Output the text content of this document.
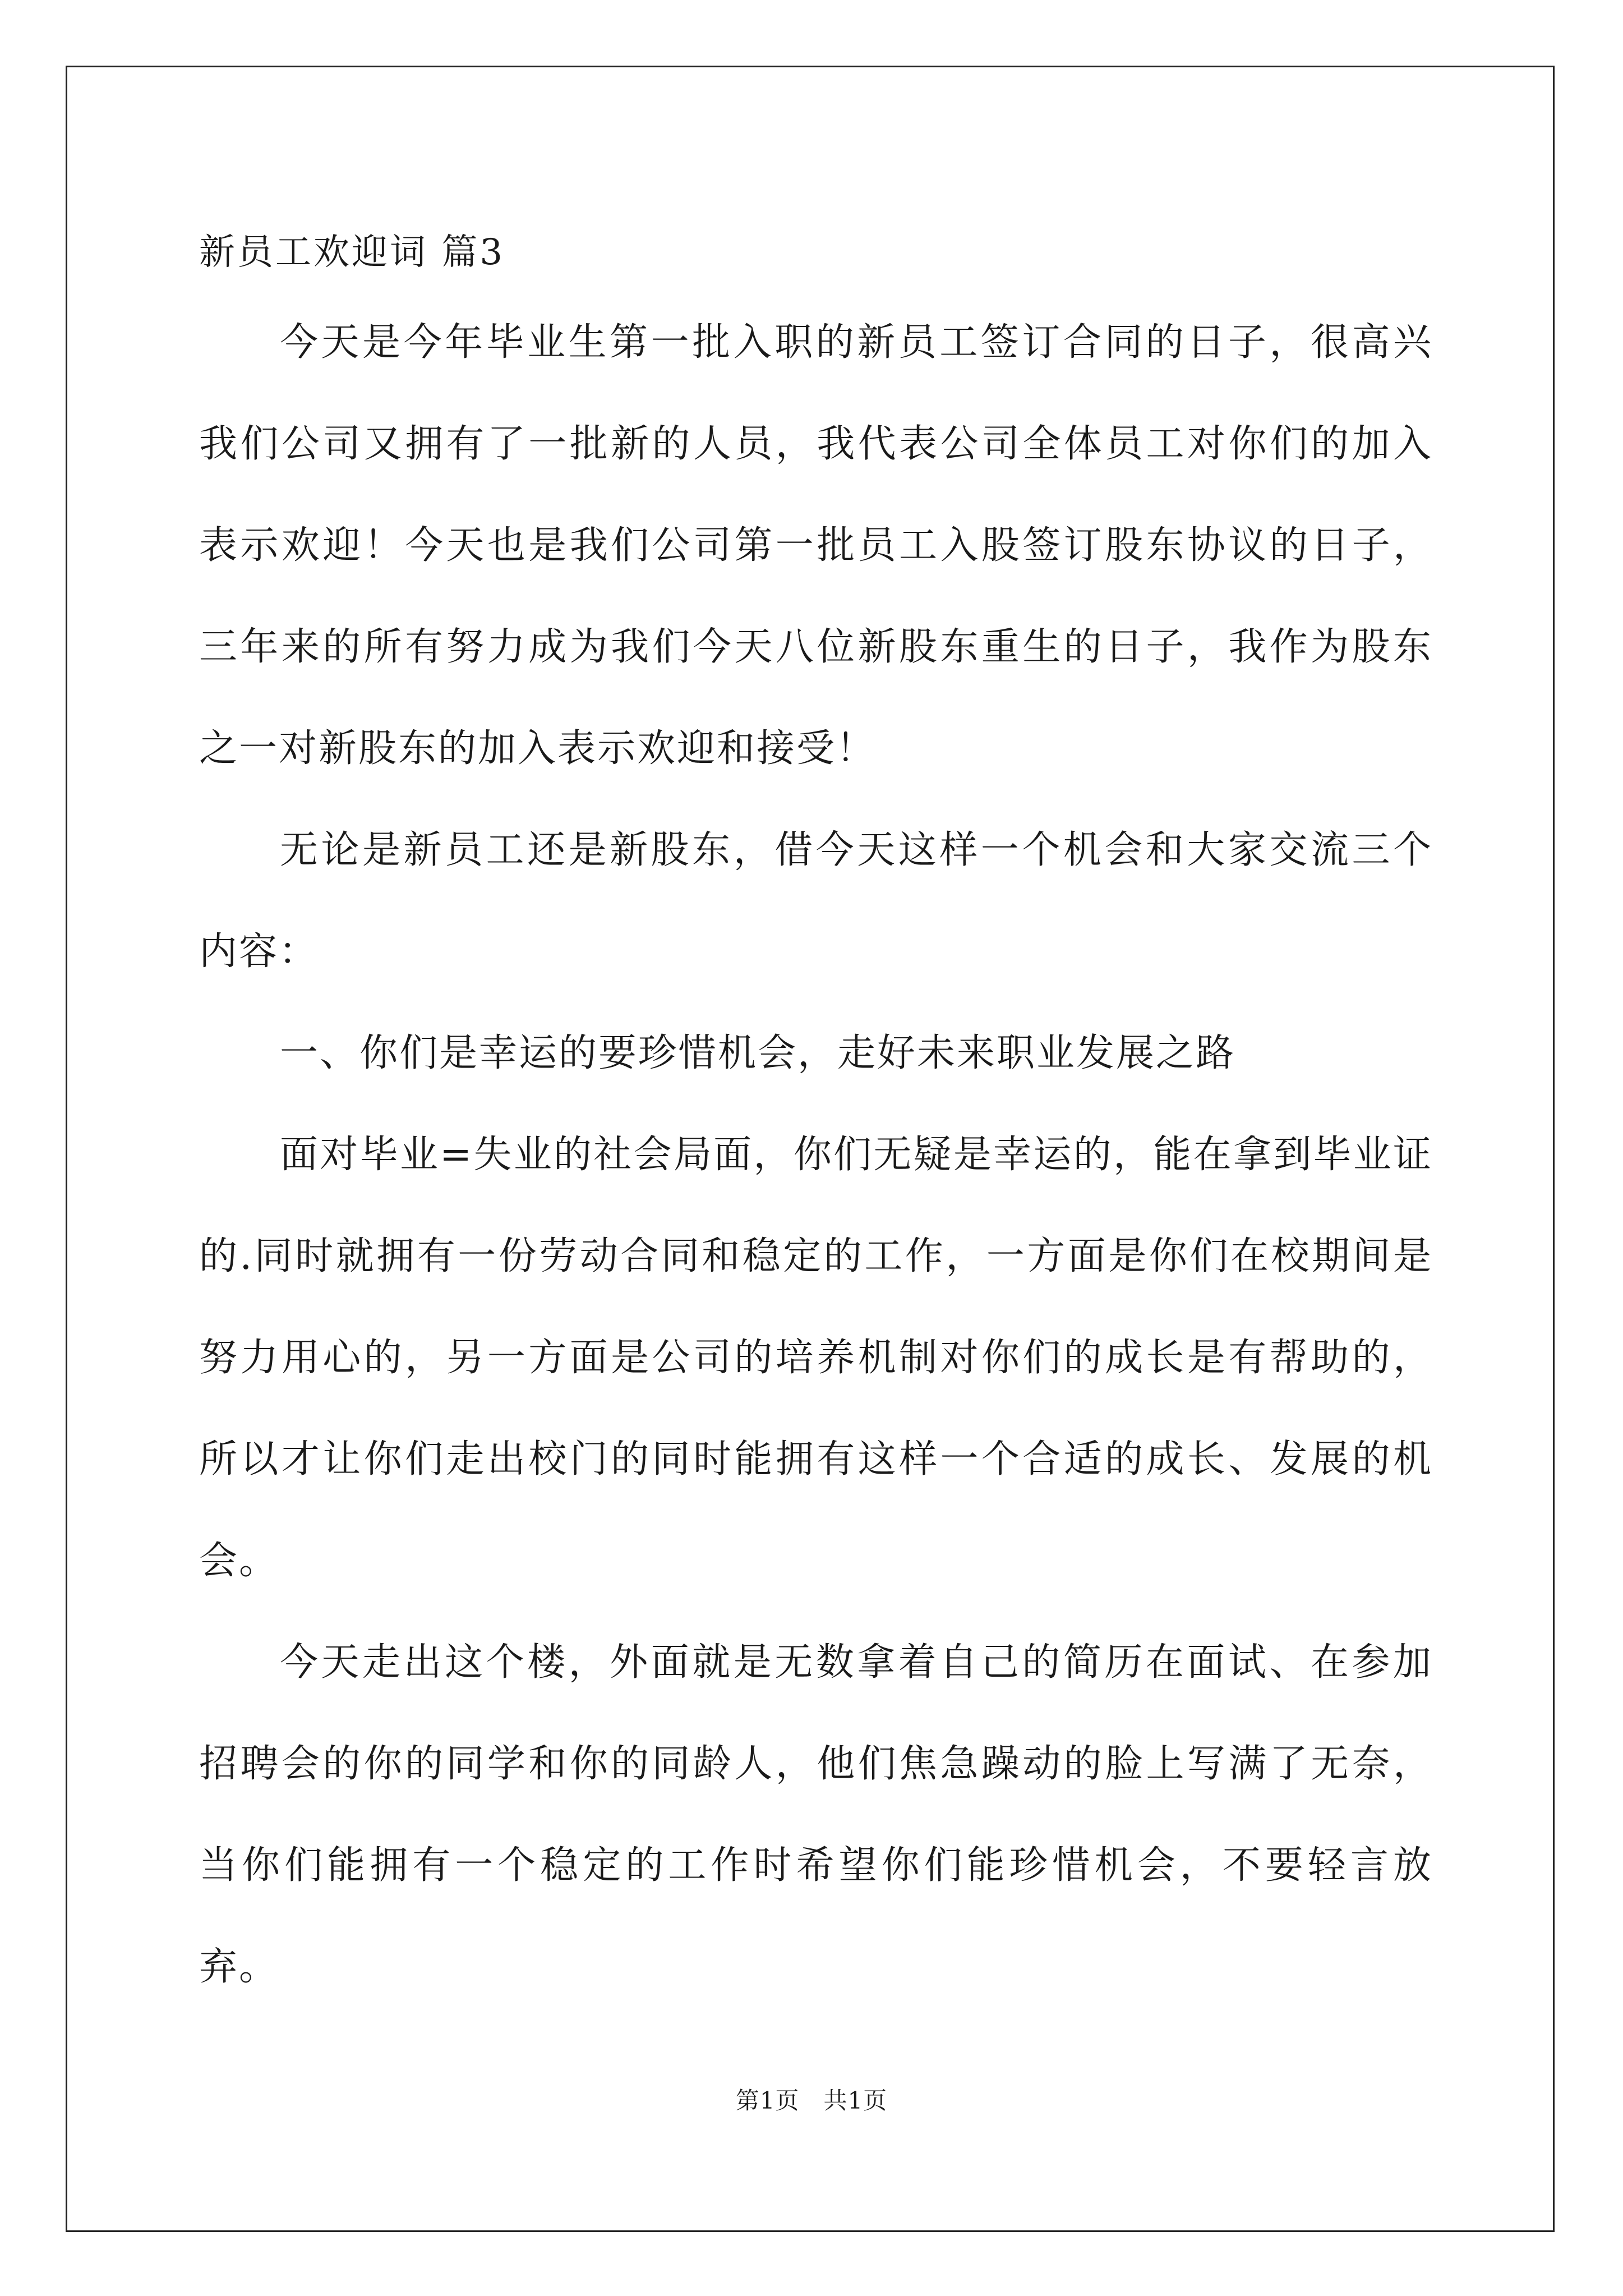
新员工欢迎词 篇3

今天是今年毕业生第一批入职的新员工签订合同的日子，很高兴我们公司又拥有了一批新的人员，我代表公司全体员工对你们的加入表示欢迎！今天也是我们公司第一批员工入股签订股东协议的日子，三年来的所有努力成为我们今天八位新股东重生的日子，我作为股东之一对新股东的加入表示欢迎和接受！

无论是新员工还是新股东，借今天这样一个机会和大家交流三个内容：

一、你们是幸运的要珍惜机会，走好未来职业发展之路

面对毕业=失业的社会局面，你们无疑是幸运的，能在拿到毕业证的.同时就拥有一份劳动合同和稳定的工作，一方面是你们在校期间是努力用心的，另一方面是公司的培养机制对你们的成长是有帮助的，所以才让你们走出校门的同时能拥有这样一个合适的成长、发展的机会。

今天走出这个楼，外面就是无数拿着自己的简历在面试、在参加招聘会的你的同学和你的同龄人，他们焦急躁动的脸上写满了无奈，当你们能拥有一个稳定的工作时希望你们能珍惜机会，不要轻言放弃。

第1页　共1页
